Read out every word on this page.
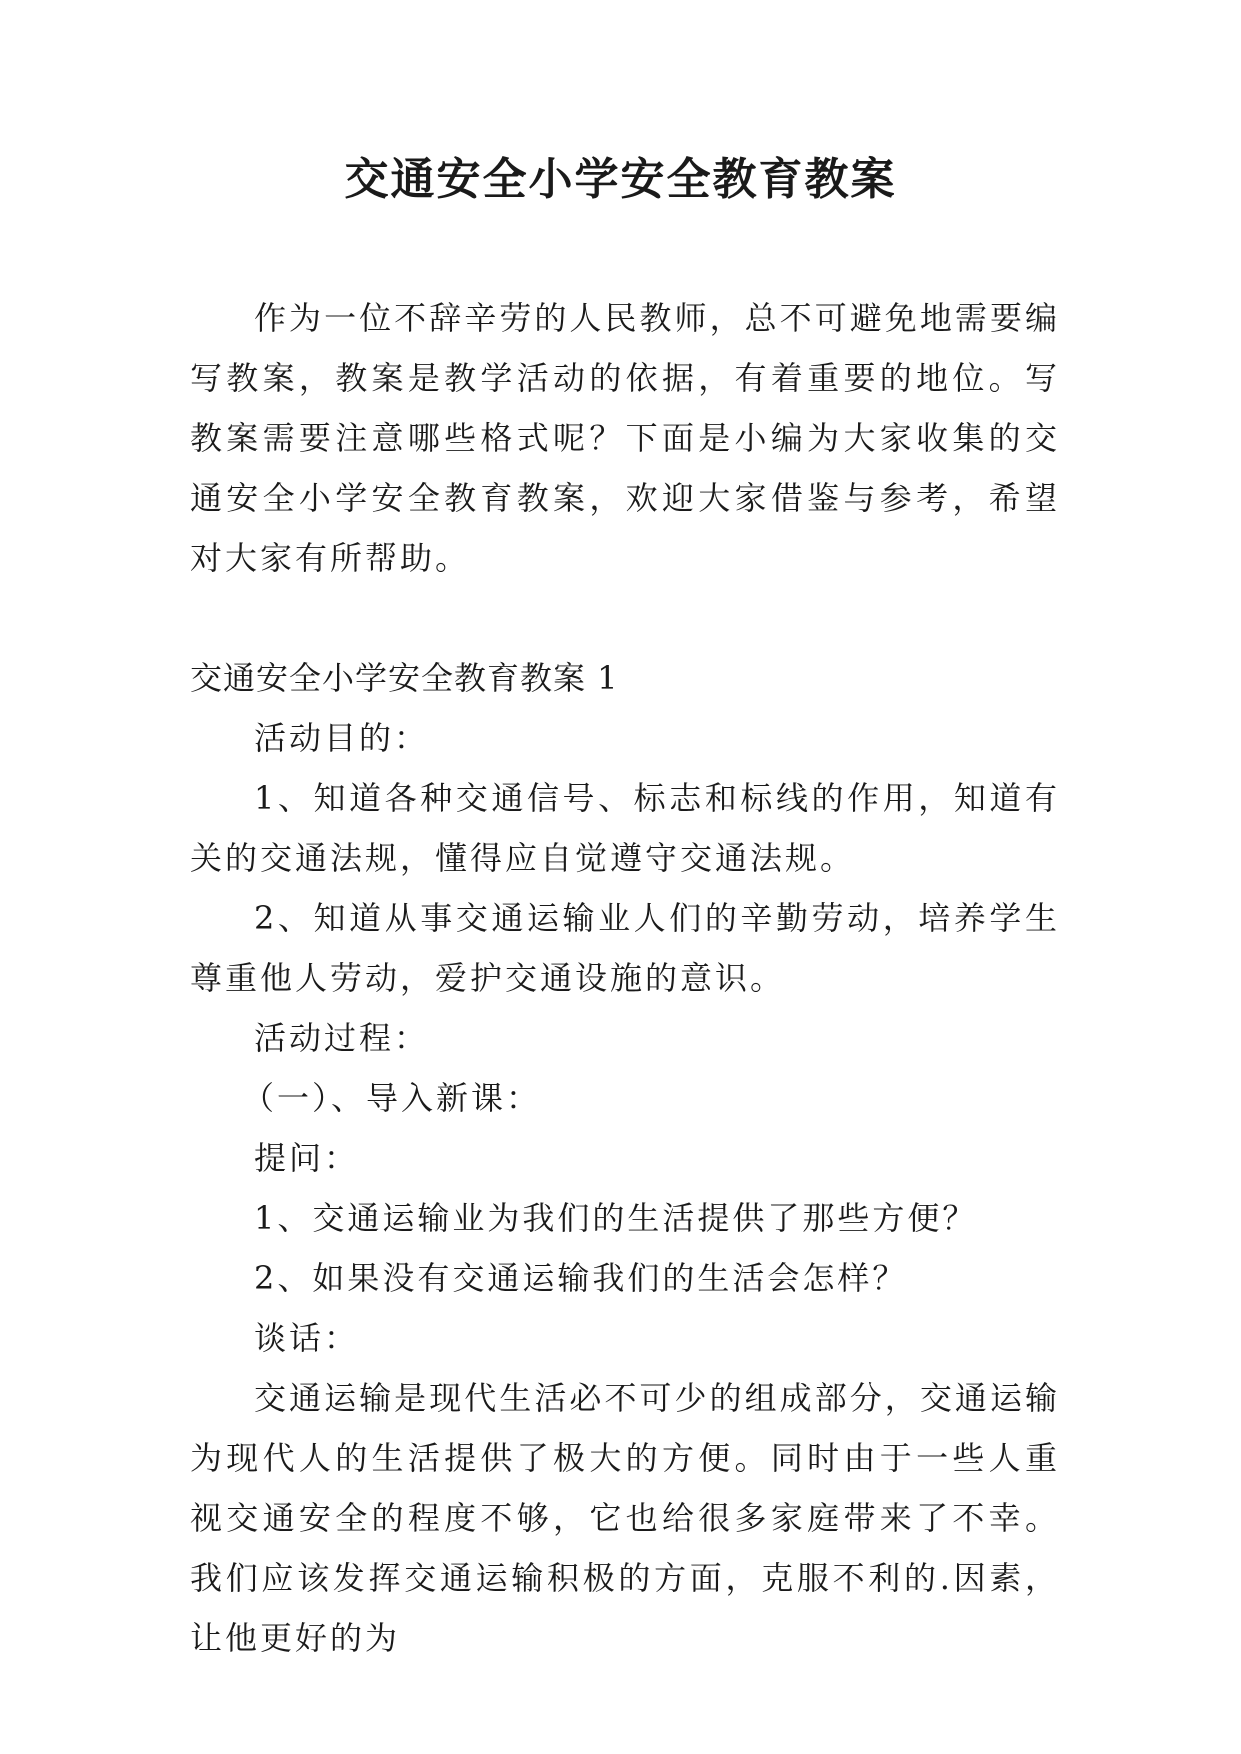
交通安全小学安全教育教案

作为一位不辞辛劳的人民教师，总不可避免地需要编写教案，教案是教学活动的依据，有着重要的地位。写教案需要注意哪些格式呢？下面是小编为大家收集的交通安全小学安全教育教案，欢迎大家借鉴与参考，希望对大家有所帮助。

交通安全小学安全教育教案 1

活动目的：

1、知道各种交通信号、标志和标线的作用，知道有关的交通法规，懂得应自觉遵守交通法规。

2、知道从事交通运输业人们的辛勤劳动，培养学生尊重他人劳动，爱护交通设施的意识。

活动过程：

（一）、导入新课：

提问：

1、交通运输业为我们的生活提供了那些方便？

2、如果没有交通运输我们的生活会怎样？

谈话：

交通运输是现代生活必不可少的组成部分，交通运输为现代人的生活提供了极大的方便。同时由于一些人重视交通安全的程度不够，它也给很多家庭带来了不幸。我们应该发挥交通运输积极的方面，克服不利的.因素，让他更好的为
